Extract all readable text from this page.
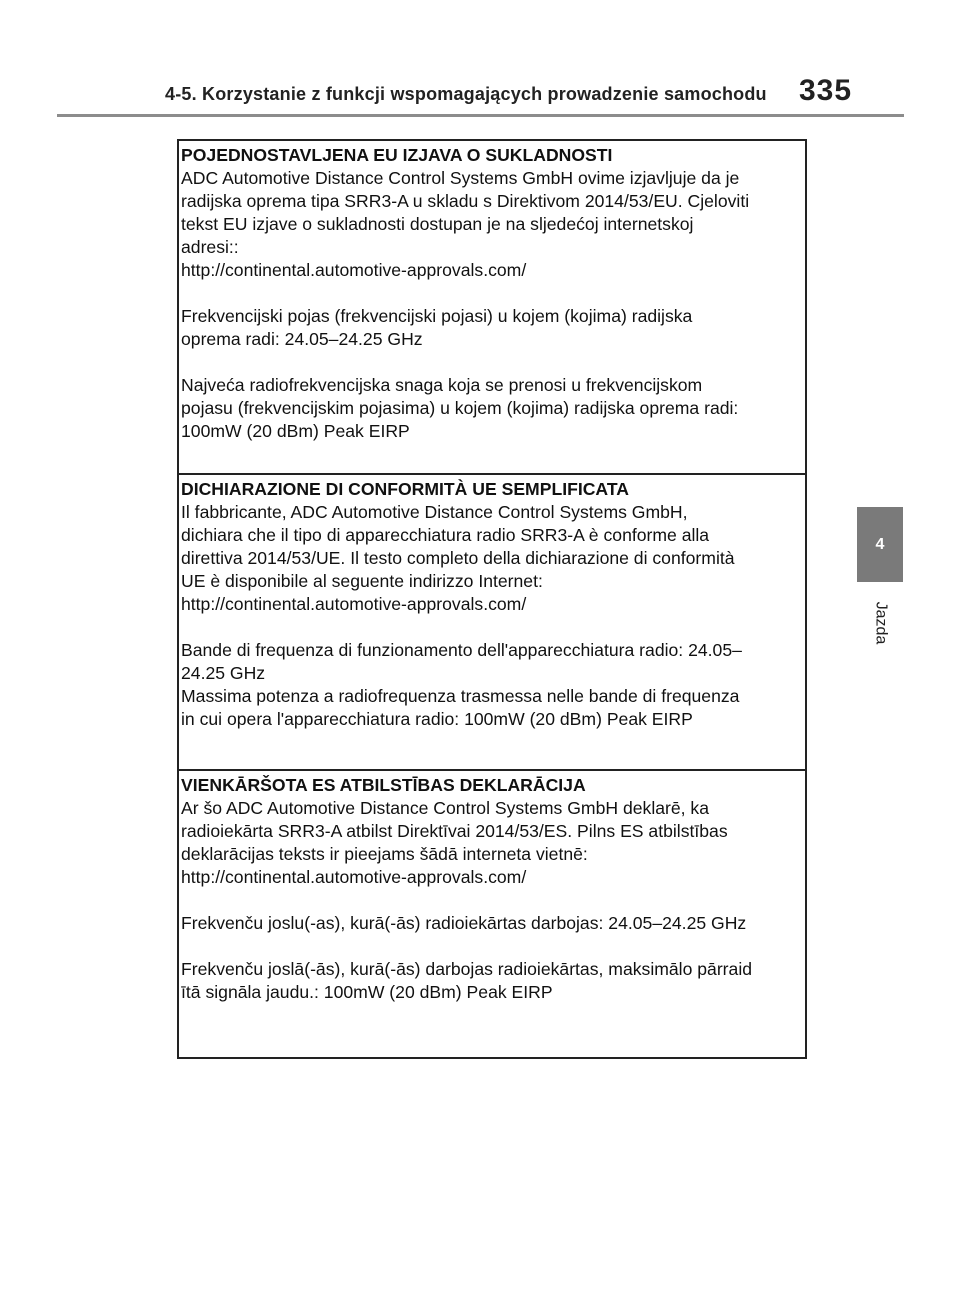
4-5. Korzystanie z funkcji wspomagających prowadzenie samochodu 335
4
Jazda
POJEDNOSTAVLJENA EU IZJAVA O SUKLADNOSTI

ADC Automotive Distance Control Systems GmbH ovime izjavljuje da je

radijska oprema tipa SRR3-A u skladu s Direktivom 2014/53/EU. Cjeloviti

tekst EU izjave o sukladnosti dostupan je na sljedećoj internetskoj

adresi::

http://continental.automotive-approvals.com/

Frekvencijski pojas (frekvencijski pojasi) u kojem (kojima) radijska

oprema radi: 24.05–24.25 GHz

Najveća radiofrekvencijska snaga koja se prenosi u frekvencijskom

pojasu (frekvencijskim pojasima) u kojem (kojima) radijska oprema radi:

100mW (20 dBm) Peak EIRP

DICHIARAZIONE DI CONFORMITÀ UE SEMPLIFICATA

Il fabbricante, ADC Automotive Distance Control Systems GmbH,

dichiara che il tipo di apparecchiatura radio SRR3-A è conforme alla

direttiva 2014/53/UE. Il testo completo della dichiarazione di conformità

UE è disponibile al seguente indirizzo Internet:

http://continental.automotive-approvals.com/

Bande di frequenza di funzionamento dell'apparecchiatura radio: 24.05–

24.25 GHz

Massima potenza a radiofrequenza trasmessa nelle bande di frequenza

in cui opera l'apparecchiatura radio: 100mW (20 dBm) Peak EIRP

VIENKĀRŠOTA ES ATBILSTĪBAS DEKLARĀCIJA

Ar šo ADC Automotive Distance Control Systems GmbH deklarē, ka

radioiekārta SRR3-A atbilst Direktīvai 2014/53/ES. Pilns ES atbilstības

deklarācijas teksts ir pieejams šādā interneta vietnē:

http://continental.automotive-approvals.com/

Frekvenču joslu(-as), kurā(-ās) radioiekārtas darbojas: 24.05–24.25 GHz

Frekvenču joslā(-ās), kurā(-ās) darbojas radioiekārtas, maksimālo pārraid

ītā signāla jaudu.: 100mW (20 dBm) Peak EIRP
